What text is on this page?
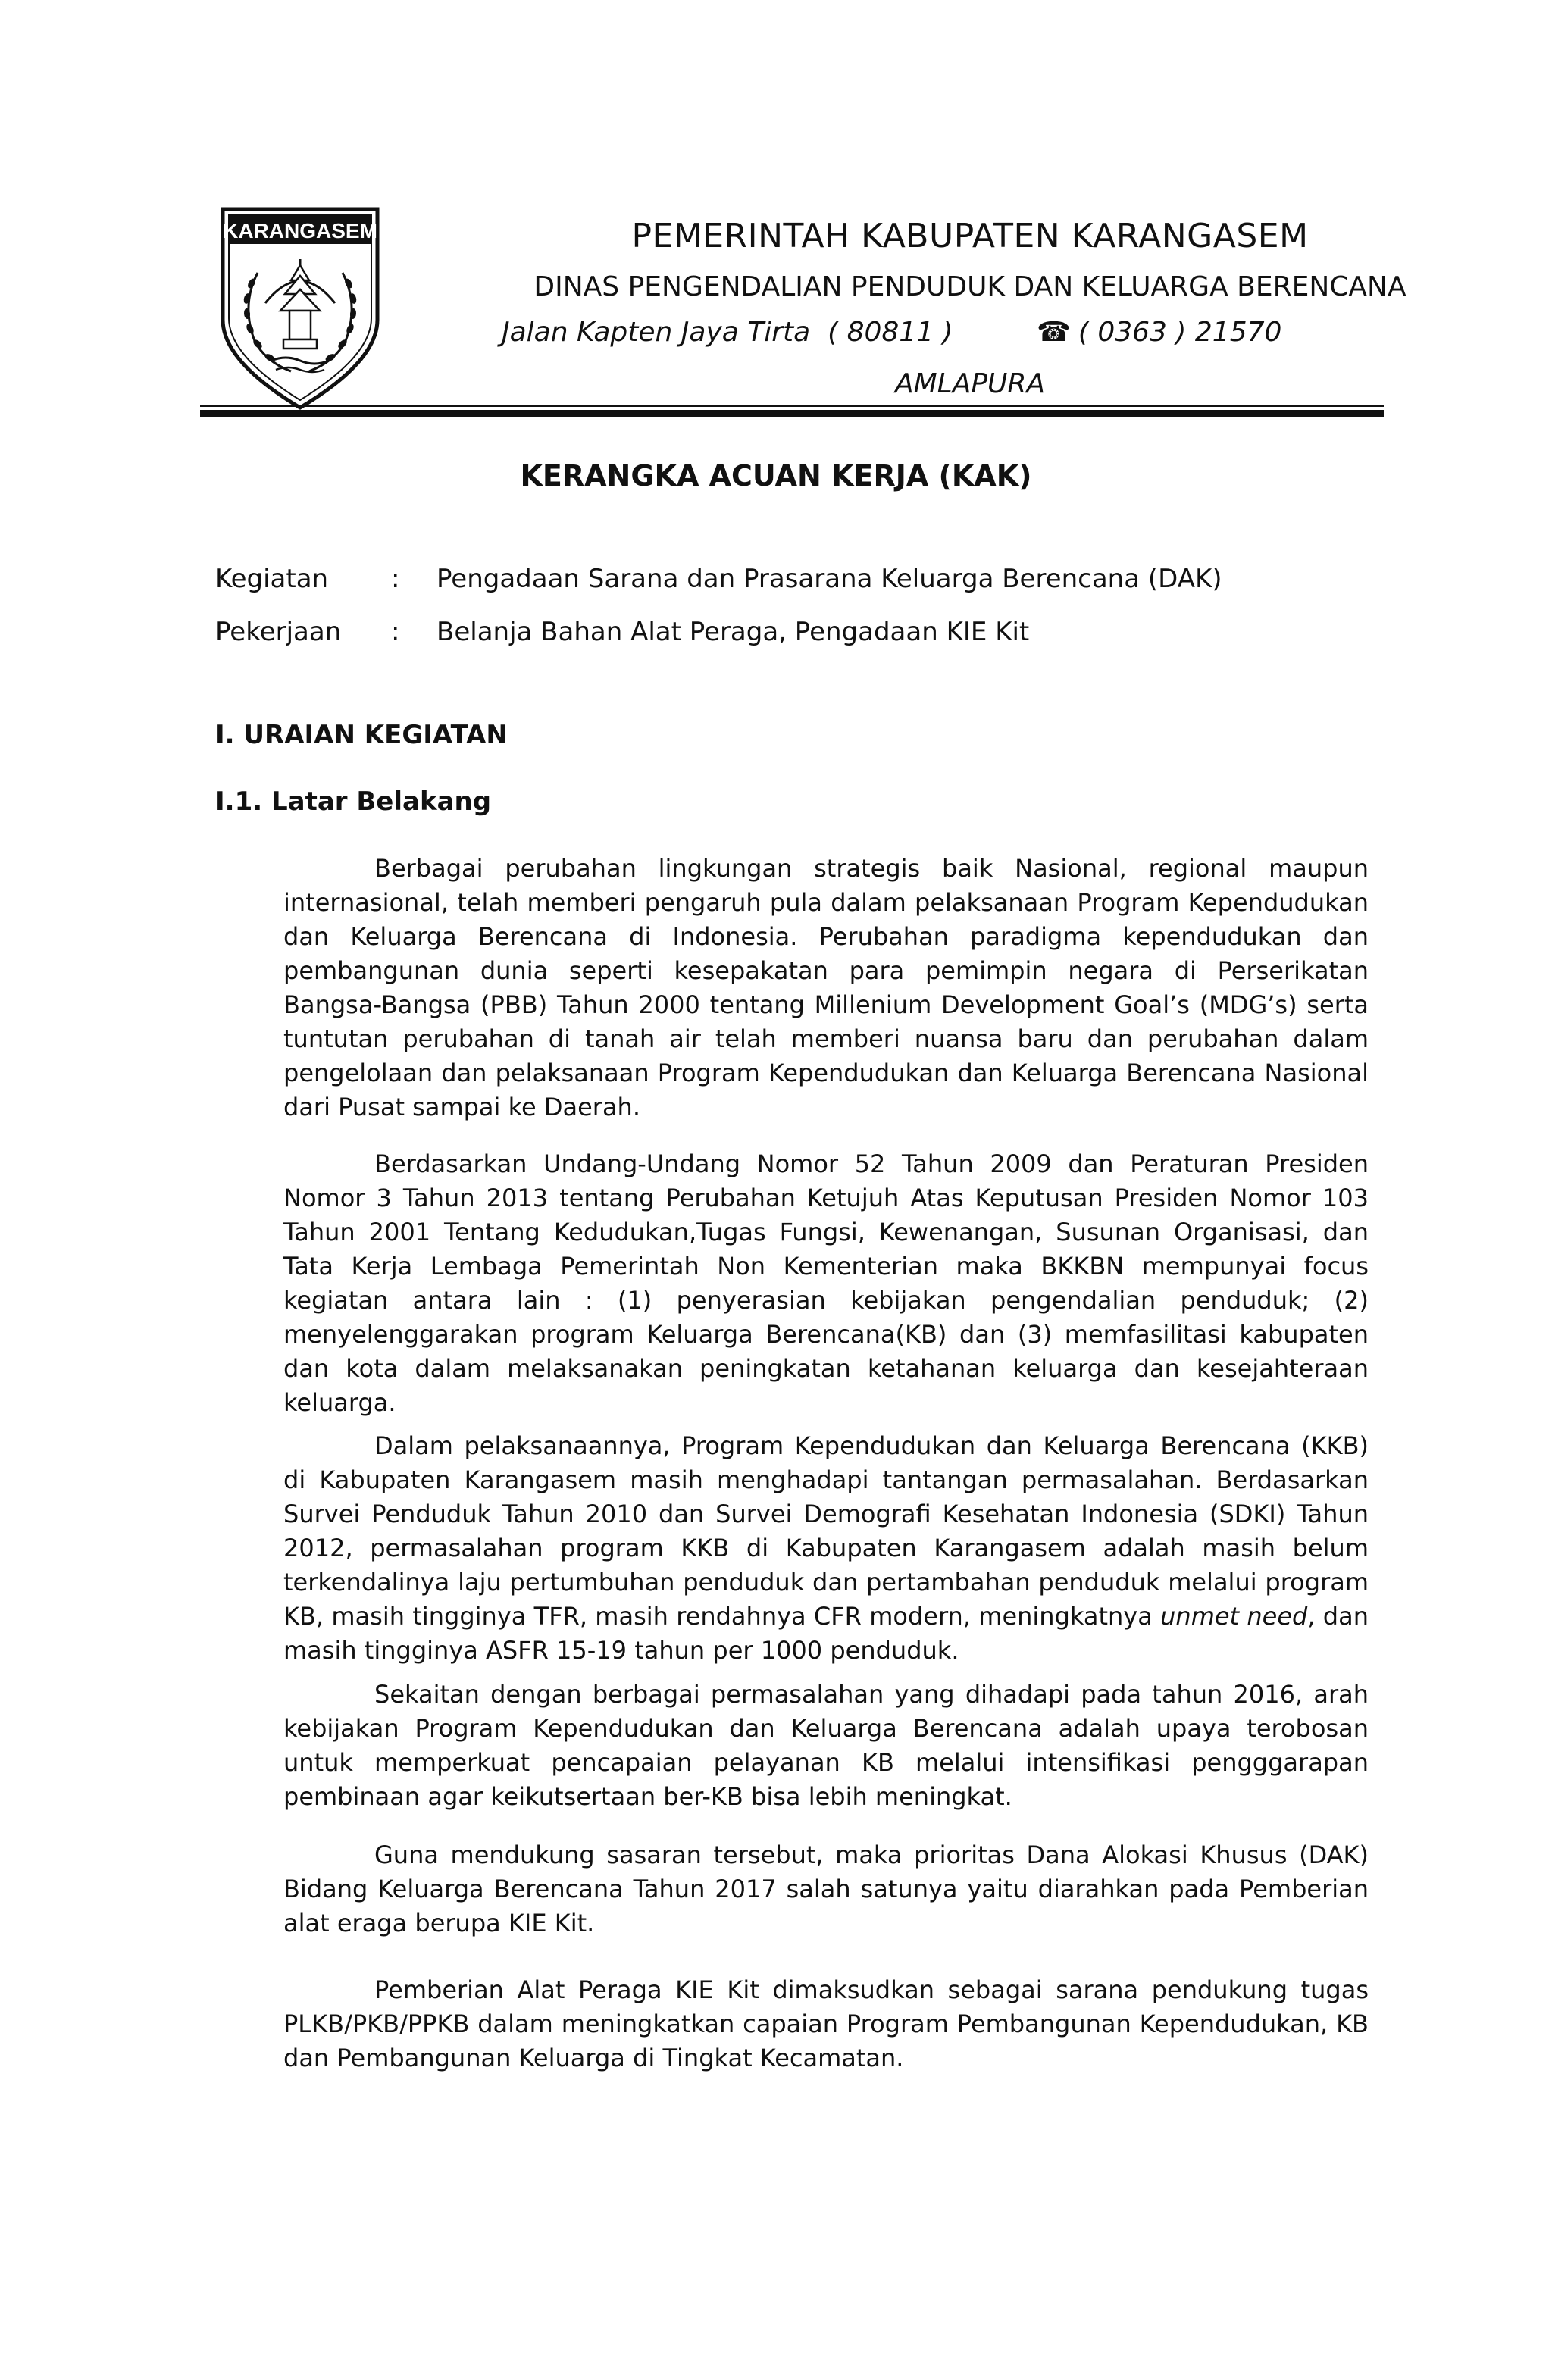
KARANGASEM	PEMERINTAH KABUPATEN KARANGASEM
DINAS PENGENDALIAN PENDUDUK DAN KELUARGA BERENCANA
Jalan Kapten Jaya Tirta  ( 80811 )	☎ ( 0363 ) 21570
AMLAPURA
KERANGKA ACUAN KERJA (KAK)
Kegiatan : Pengadaan Sarana dan Prasarana Keluarga Berencana (DAK)
Pekerjaan : Belanja Bahan Alat Peraga, Pengadaan KIE Kit
I. URAIAN KEGIATAN
I.1. Latar Belakang
Berbagai perubahan lingkungan strategis baik Nasional, regional maupun internasional, telah memberi pengaruh pula dalam pelaksanaan Program Kependudukan dan Keluarga Berencana di Indonesia. Perubahan paradigma kependudukan dan pembangunan dunia seperti kesepakatan para pemimpin negara di Perserikatan Bangsa-Bangsa (PBB) Tahun 2000 tentang Millenium Development Goal’s (MDG’s) serta tuntutan perubahan di tanah air telah memberi nuansa baru dan perubahan dalam pengelolaan dan pelaksanaan Program Kependudukan dan Keluarga Berencana Nasional dari Pusat sampai ke Daerah.
Berdasarkan Undang-Undang Nomor 52 Tahun 2009 dan Peraturan Presiden Nomor 3 Tahun 2013 tentang Perubahan Ketujuh Atas Keputusan Presiden Nomor 103 Tahun 2001 Tentang Kedudukan,Tugas Fungsi, Kewenangan, Susunan Organisasi, dan Tata Kerja Lembaga Pemerintah Non Kementerian maka BKKBN mempunyai focus kegiatan antara lain : (1) penyerasian kebijakan pengendalian penduduk; (2) menyelenggarakan program Keluarga Berencana(KB) dan (3) memfasilitasi kabupaten dan kota dalam melaksanakan peningkatan ketahanan keluarga dan kesejahteraan keluarga.
Dalam pelaksanaannya, Program Kependudukan dan Keluarga Berencana (KKB) di Kabupaten Karangasem masih menghadapi tantangan permasalahan. Berdasarkan Survei Penduduk Tahun 2010 dan Survei Demografi Kesehatan Indonesia (SDKI) Tahun 2012, permasalahan program KKB di Kabupaten Karangasem adalah masih belum terkendalinya laju pertumbuhan penduduk dan pertambahan penduduk melalui program KB, masih tingginya TFR, masih rendahnya CFR modern, meningkatnya unmet need, dan masih tingginya ASFR 15-19 tahun per 1000 penduduk.
Sekaitan dengan berbagai permasalahan yang dihadapi pada tahun 2016, arah kebijakan Program Kependudukan dan Keluarga Berencana adalah upaya terobosan untuk memperkuat pencapaian pelayanan KB melalui intensifikasi pengggarapan pembinaan agar keikutsertaan ber-KB bisa lebih meningkat.
Guna mendukung sasaran tersebut, maka prioritas Dana Alokasi Khusus (DAK) Bidang Keluarga Berencana Tahun 2017 salah satunya yaitu diarahkan pada Pemberian alat eraga berupa KIE Kit.
Pemberian Alat Peraga KIE Kit dimaksudkan sebagai sarana pendukung tugas PLKB/PKB/PPKB dalam meningkatkan capaian Program Pembangunan Kependudukan, KB dan Pembangunan Keluarga di Tingkat Kecamatan.
